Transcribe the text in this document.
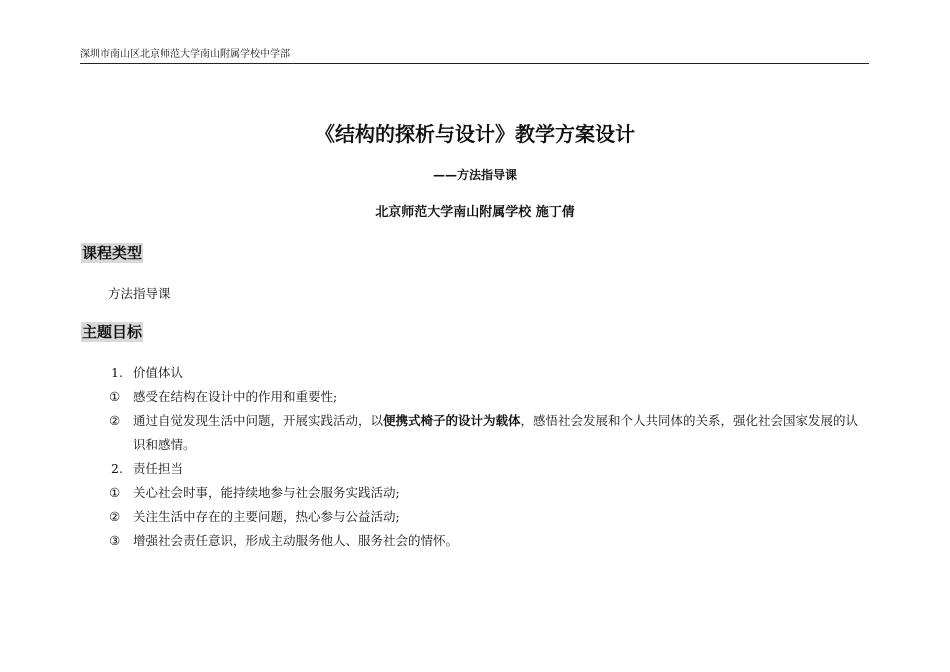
深圳市南山区北京师范大学南山附属学校中学部
《结构的探析与设计》教学方案设计
——方法指导课
北京师范大学南山附属学校 施丁倩
课程类型
方法指导课
主题目标
1. 价值体认
①	感受在结构在设计中的作用和重要性;
②	通过自觉发现生活中问题，开展实践活动，以便携式椅子的设计为载体，感悟社会发展和个人共同体的关系，强化社会国家发展的认识和感情。
2. 责任担当
①	关心社会时事，能持续地参与社会服务实践活动;
②	关注生活中存在的主要问题，热心参与公益活动;
③	增强社会责任意识，形成主动服务他人、服务社会的情怀。
